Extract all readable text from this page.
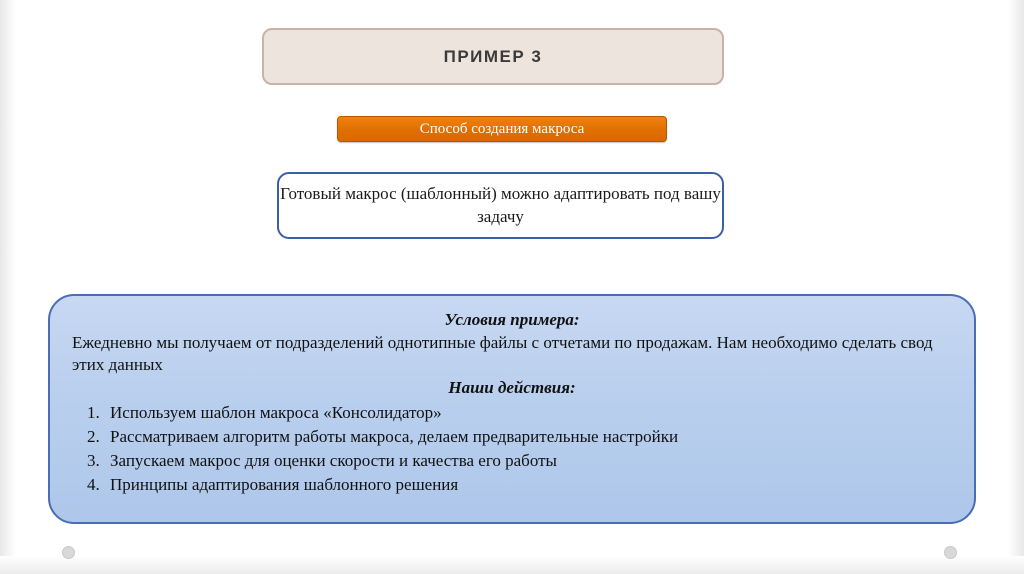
ПРИМЕР 3
Способ создания макроса
Готовый макрос (шаблонный) можно адаптировать под вашу задачу
Условия примера:

Ежедневно мы получаем от подразделений однотипные файлы с отчетами по продажам. Нам необходимо сделать свод этих данных

Наши действия:
1. Используем шаблон макроса «Консолидатор»
2. Рассматриваем алгоритм работы макроса, делаем предварительные настройки
3. Запускаем макрос для оценки скорости и качества его работы
4. Принципы адаптирования шаблонного решения
